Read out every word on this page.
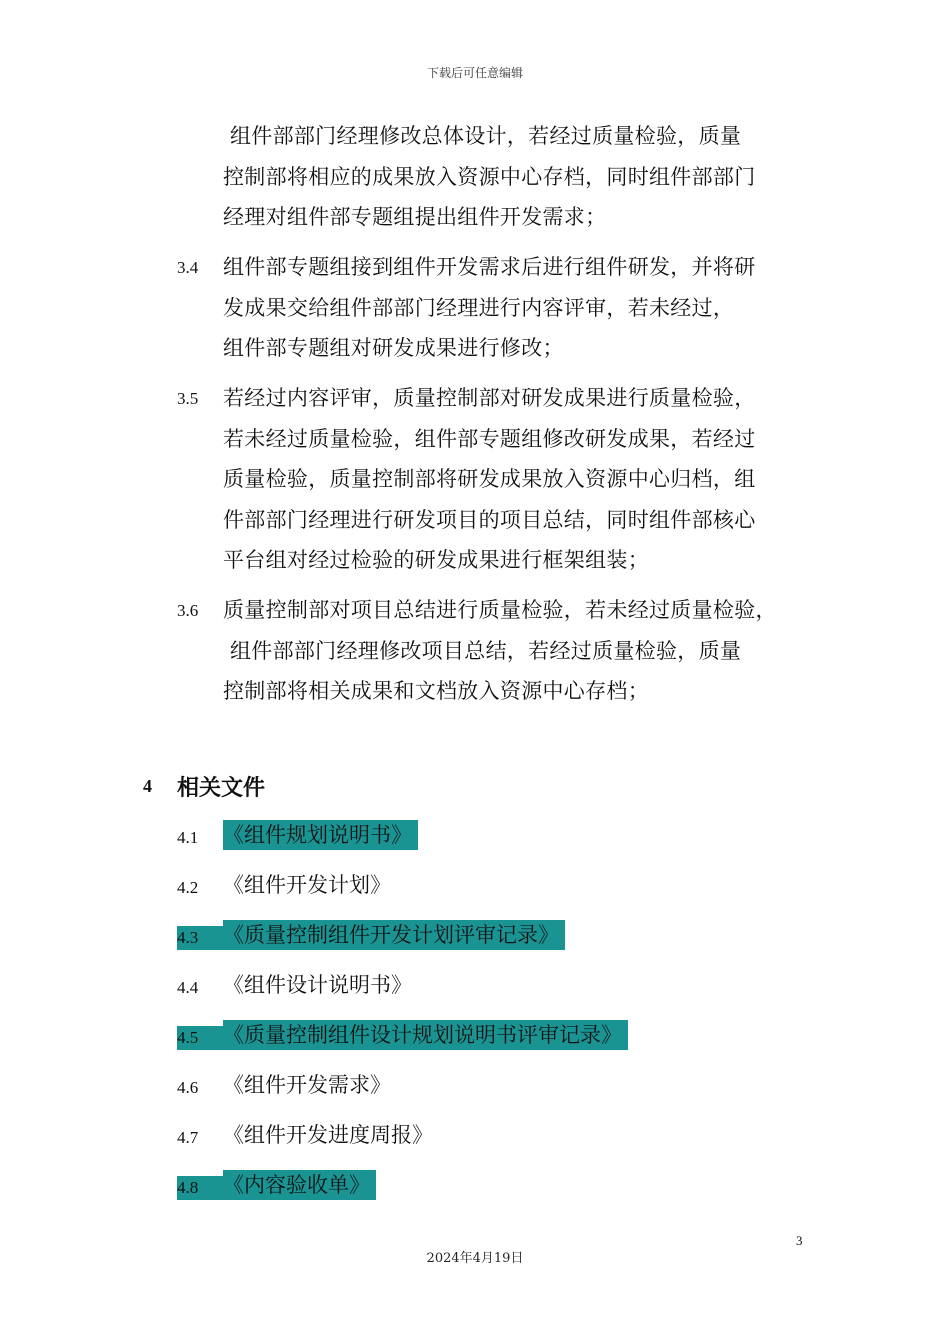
下载后可任意编辑
组件部部门经理修改总体设计，若经过质量检验，质量
控制部将相应的成果放入资源中心存档，同时组件部部门
经理对组件部专题组提出组件开发需求；
3.4 组件部专题组接到组件开发需求后进行组件研发，并将研
发成果交给组件部部门经理进行内容评审，若未经过，
组件部专题组对研发成果进行修改；
3.5 若经过内容评审，质量控制部对研发成果进行质量检验，
若未经过质量检验，组件部专题组修改研发成果，若经过
质量检验，质量控制部将研发成果放入资源中心归档，组
件部部门经理进行研发项目的项目总结，同时组件部核心
平台组对经过检验的研发成果进行框架组装；
3.6 质量控制部对项目总结进行质量检验，若未经过质量检验，
组件部部门经理修改项目总结，若经过质量检验，质量
控制部将相关成果和文档放入资源中心存档；
4 相关文件
4.1	《组件规划说明书》
4.2	《组件开发计划》
4.3	《质量控制组件开发计划评审记录》
4.4	《组件设计说明书》
4.5	《质量控制组件设计规划说明书评审记录》
4.6	《组件开发需求》
4.7	《组件开发进度周报》
4.8	《内容验收单》
3
2024年4月19日
